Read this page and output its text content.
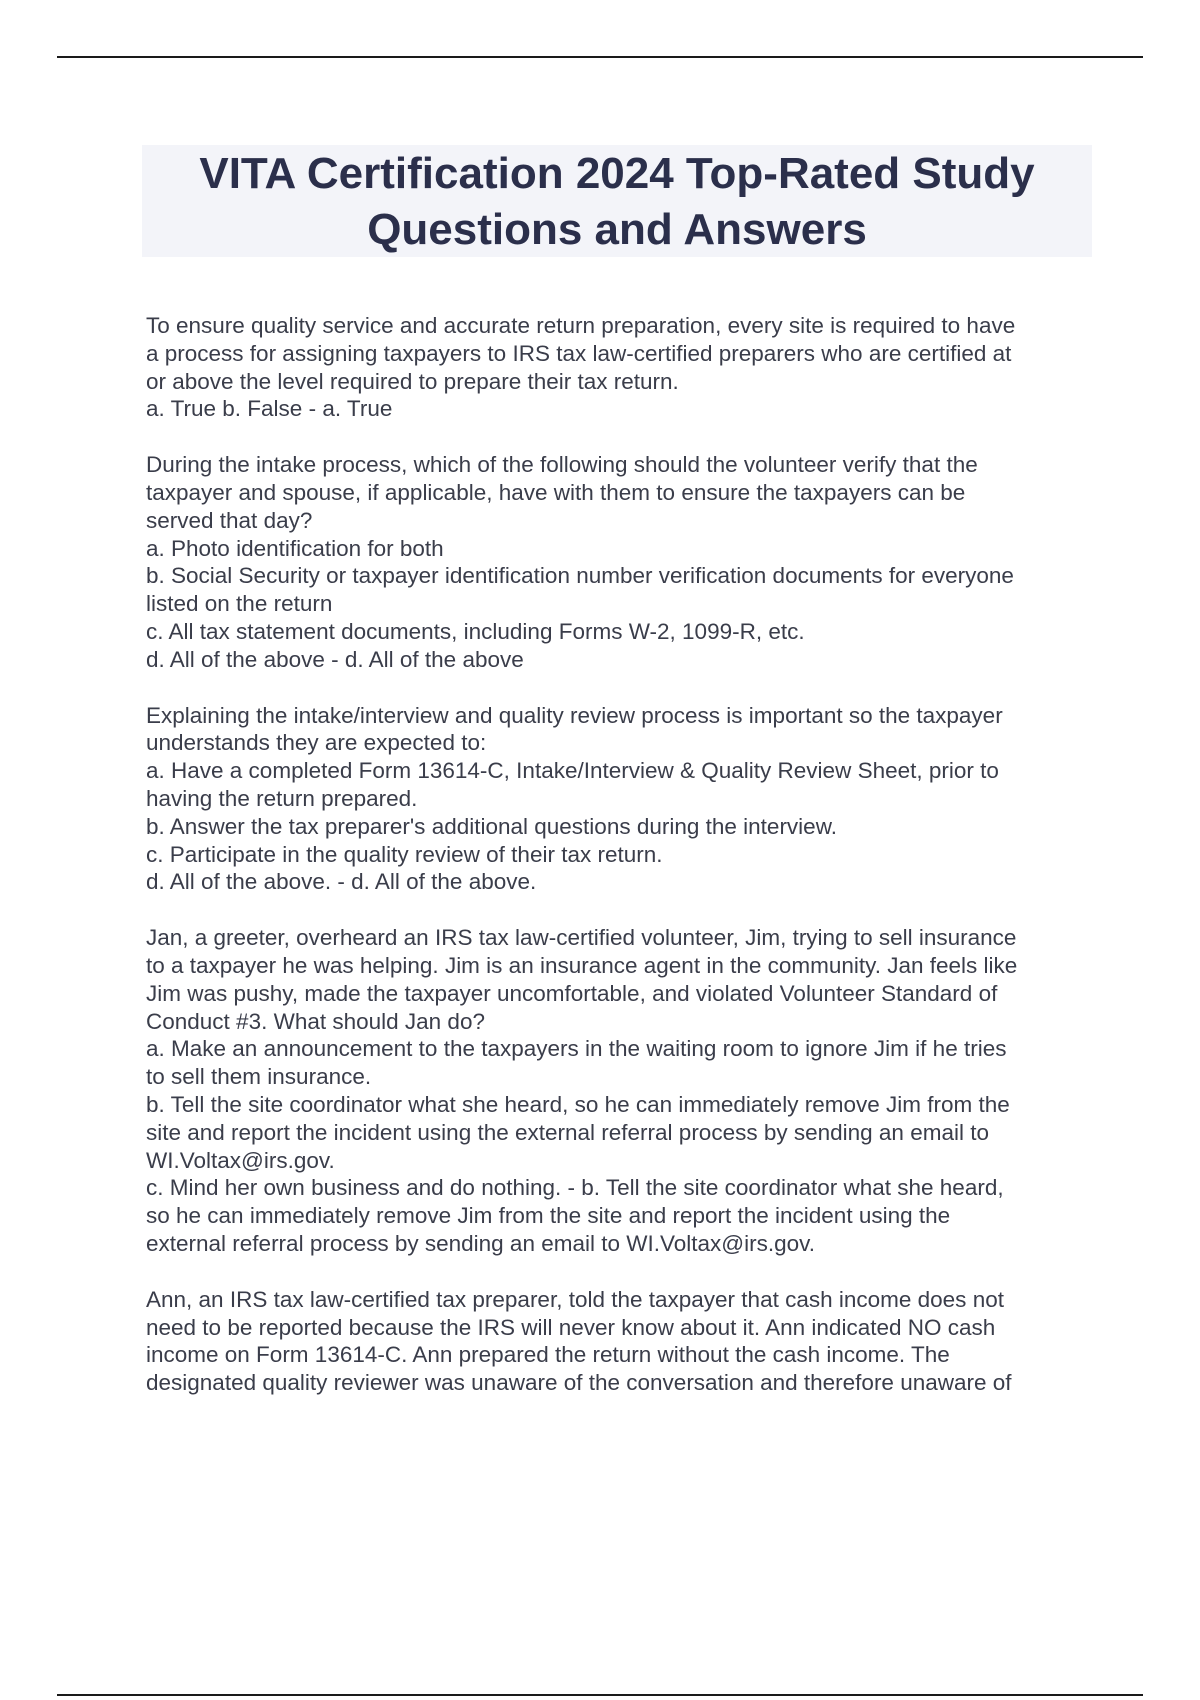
VITA Certification 2024 Top-Rated Study
Questions and Answers
To ensure quality service and accurate return preparation, every site is required to have
a process for assigning taxpayers to IRS tax law-certified preparers who are certified at
or above the level required to prepare their tax return.
a. True b. False - a. True
During the intake process, which of the following should the volunteer verify that the
taxpayer and spouse, if applicable, have with them to ensure the taxpayers can be
served that day?
a. Photo identification for both
b. Social Security or taxpayer identification number verification documents for everyone
listed on the return
c. All tax statement documents, including Forms W-2, 1099-R, etc.
d. All of the above - d. All of the above
Explaining the intake/interview and quality review process is important so the taxpayer
understands they are expected to:
a. Have a completed Form 13614-C, Intake/Interview & Quality Review Sheet, prior to
having the return prepared.
b. Answer the tax preparer's additional questions during the interview.
c. Participate in the quality review of their tax return.
d. All of the above. - d. All of the above.
Jan, a greeter, overheard an IRS tax law-certified volunteer, Jim, trying to sell insurance
to a taxpayer he was helping. Jim is an insurance agent in the community. Jan feels like
Jim was pushy, made the taxpayer uncomfortable, and violated Volunteer Standard of
Conduct #3. What should Jan do?
a. Make an announcement to the taxpayers in the waiting room to ignore Jim if he tries
to sell them insurance.
b. Tell the site coordinator what she heard, so he can immediately remove Jim from the
site and report the incident using the external referral process by sending an email to
WI.Voltax@irs.gov.
c. Mind her own business and do nothing. - b. Tell the site coordinator what she heard,
so he can immediately remove Jim from the site and report the incident using the
external referral process by sending an email to WI.Voltax@irs.gov.
Ann, an IRS tax law-certified tax preparer, told the taxpayer that cash income does not
need to be reported because the IRS will never know about it. Ann indicated NO cash
income on Form 13614-C. Ann prepared the return without the cash income. The
designated quality reviewer was unaware of the conversation and therefore unaware of
